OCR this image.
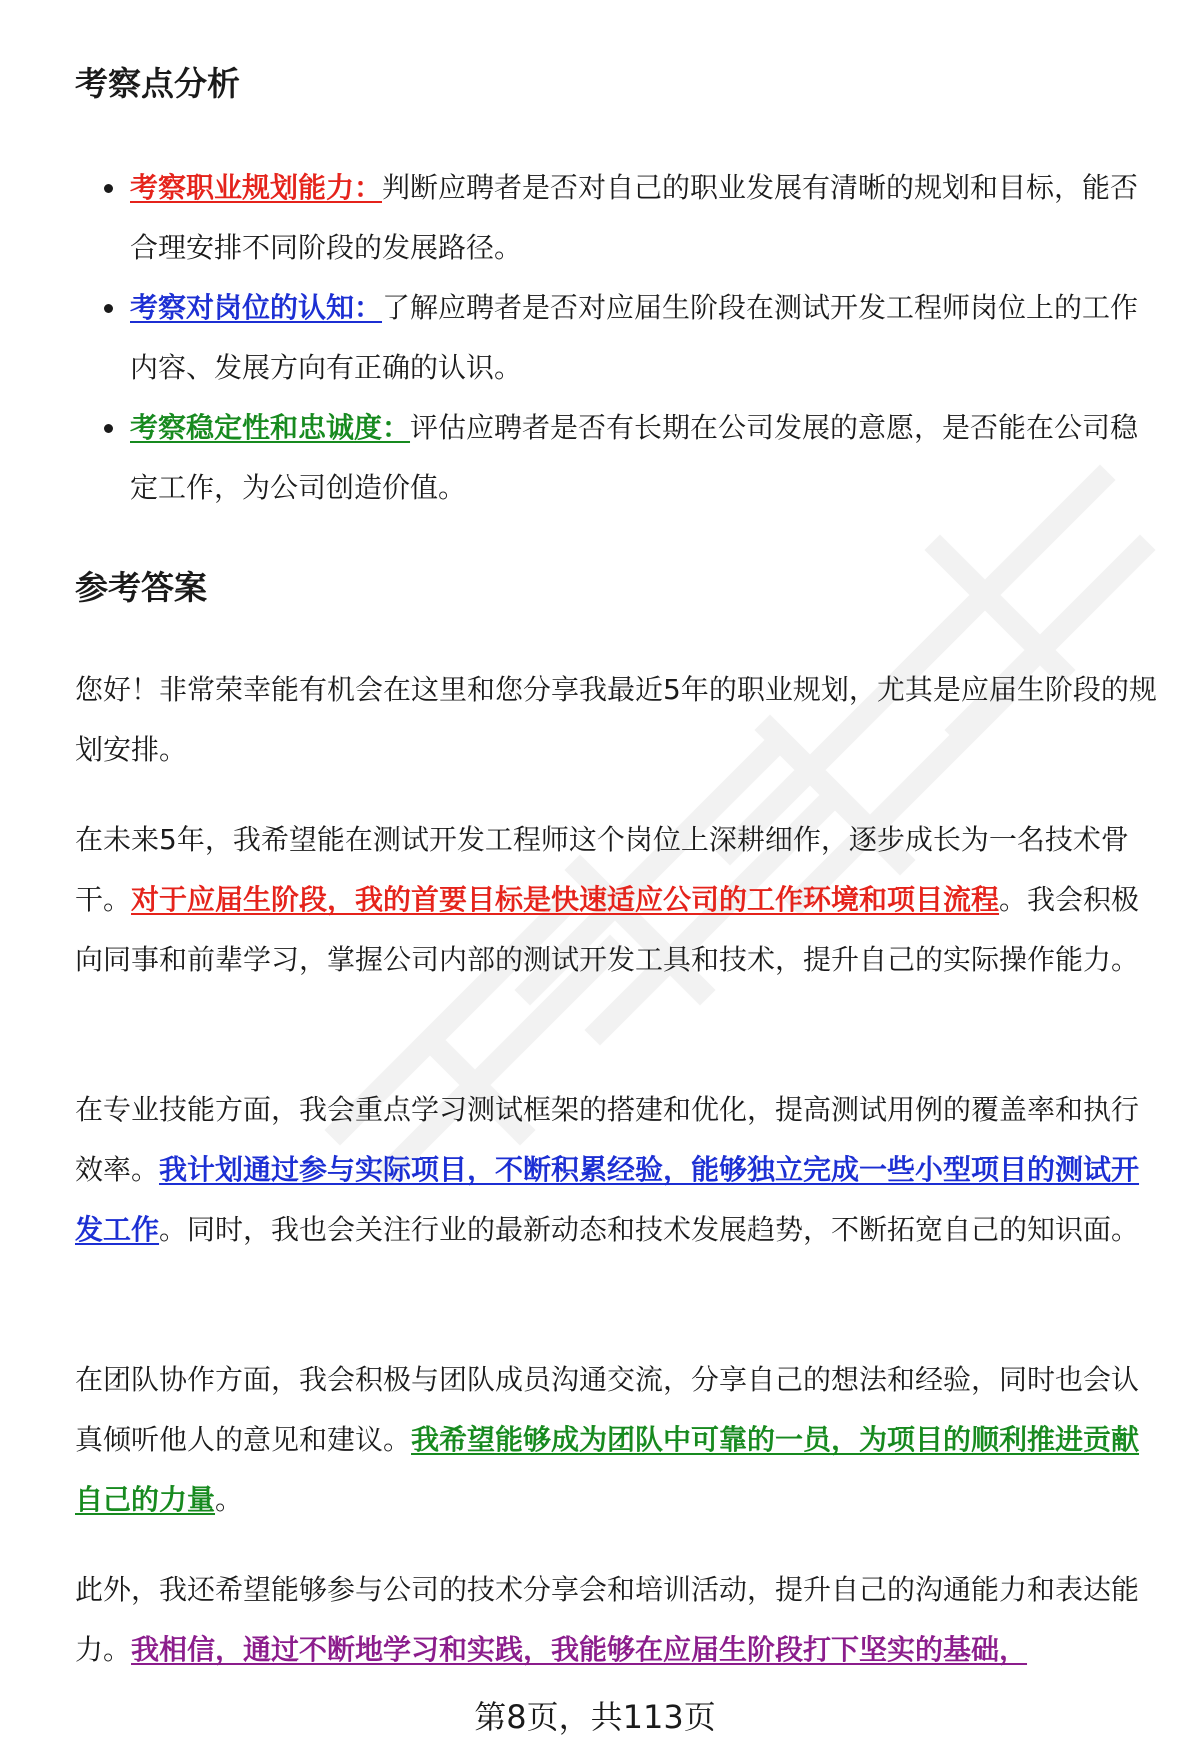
考察点分析
考察职业规划能力：判断应聘者是否对自己的职业发展有清晰的规划和目标，能否合理安排不同阶段的发展路径。
考察对岗位的认知：了解应聘者是否对应届生阶段在测试开发工程师岗位上的工作内容、发展方向有正确的认识。
考察稳定性和忠诚度：评估应聘者是否有长期在公司发展的意愿，是否能在公司稳定工作，为公司创造价值。
参考答案

您好！非常荣幸能有机会在这里和您分享我最近5年的职业规划，尤其是应届生阶段的规划安排。

在未来5年，我希望能在测试开发工程师这个岗位上深耕细作，逐步成长为一名技术骨干。对于应届生阶段，我的首要目标是快速适应公司的工作环境和项目流程。我会积极向同事和前辈学习，掌握公司内部的测试开发工具和技术，提升自己的实际操作能力。

在专业技能方面，我会重点学习测试框架的搭建和优化，提高测试用例的覆盖率和执行效率。我计划通过参与实际项目，不断积累经验，能够独立完成一些小型项目的测试开发工作。同时，我也会关注行业的最新动态和技术发展趋势，不断拓宽自己的知识面。

在团队协作方面，我会积极与团队成员沟通交流，分享自己的想法和经验，同时也会认真倾听他人的意见和建议。我希望能够成为团队中可靠的一员，为项目的顺利推进贡献自己的力量。

此外，我还希望能够参与公司的技术分享会和培训活动，提升自己的沟通能力和表达能力。我相信，通过不断地学习和实践，我能够在应届生阶段打下坚实的基础，

第8页，共113页
